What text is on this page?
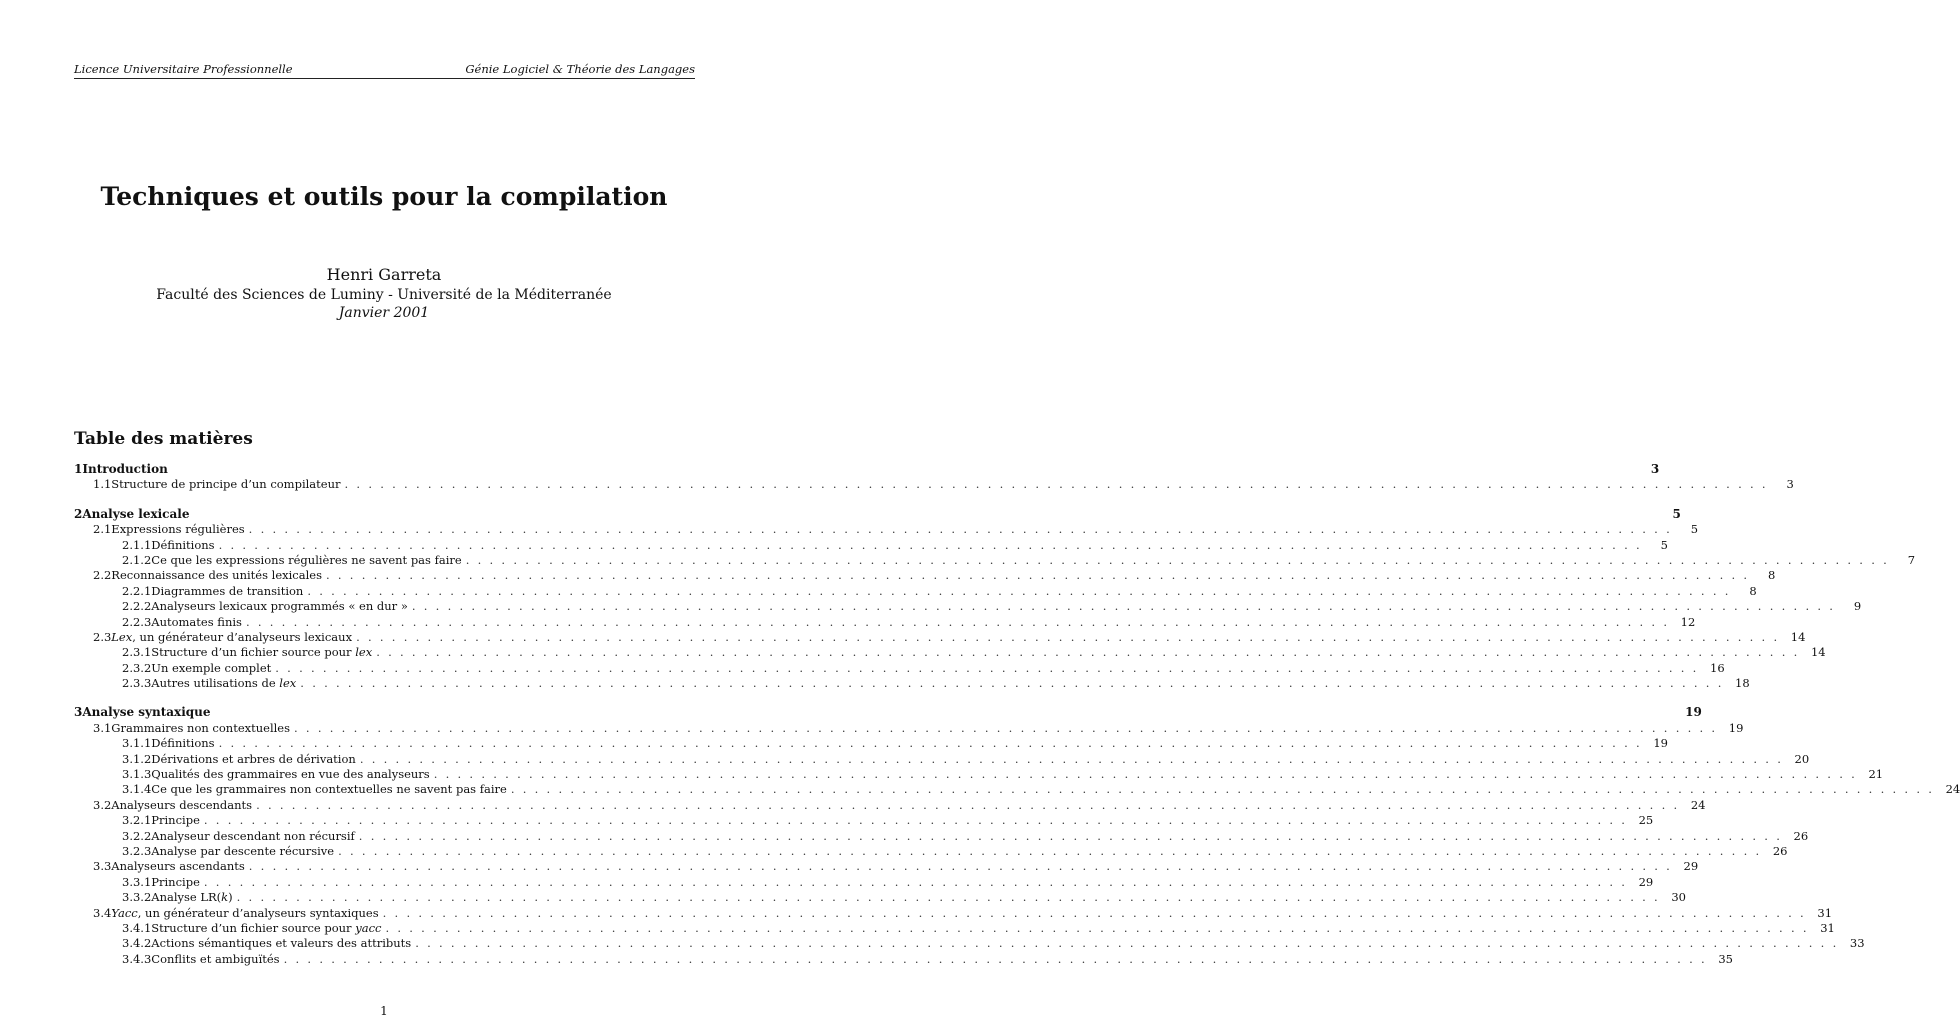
Licence Universitaire Professionnelle	Génie Logiciel & Théorie des Langages
Techniques et outils pour la compilation
Henri Garreta
Faculté des Sciences de Luminy - Université de la Méditerranée
Janvier 2001
Table des matières
1 Introduction	3
1.1 Structure de principe d’un compilateur . . . . . . . . . . . . . . . . . . . . . . . . . . . . . . . . . . . . . . . . . . . . . . . . . . . . . . . . . . . . . . . . . . . . . . . . . . . . . . . . . . . . . . . . . . . . . . . . . . . . . . . . . . . . . . . . . . . . . . . .	3
2 Analyse lexicale	5
2.1 Expressions régulières . . . . . . . . . . . . . . . . . . . . . . . . . . . . . . . . . . . . . . . . . . . . . . . . . . . . . . . . . . . . . . . . . . . . . . . . . . . . . . . . . . . . . . . . . . . . . . . . . . . . . . . . . . . . . . . . . . . . . . . .	5
2.1.1 Définitions . . . . . . . . . . . . . . . . . . . . . . . . . . . . . . . . . . . . . . . . . . . . . . . . . . . . . . . . . . . . . . . . . . . . . . . . . . . . . . . . . . . . . . . . . . . . . . . . . . . . . . . . . . . . . . . . . . . . . . . .	5
2.1.2 Ce que les expressions régulières ne savent pas faire . . . . . . . . . . . . . . . . . . . . . . . . . . . . . . . . . . . . . . . . . . . . . . . . . . . . . . . . . . . . . . . . . . . . . . . . . . . . . . . . . . . . . . . . . . . . . . . . . . . . . . . . . . . . . . . . . . . . . . . .	7
2.2 Reconnaissance des unités lexicales . . . . . . . . . . . . . . . . . . . . . . . . . . . . . . . . . . . . . . . . . . . . . . . . . . . . . . . . . . . . . . . . . . . . . . . . . . . . . . . . . . . . . . . . . . . . . . . . . . . . . . . . . . . . . . . . . . . . . . . .	8
2.2.1 Diagrammes de transition . . . . . . . . . . . . . . . . . . . . . . . . . . . . . . . . . . . . . . . . . . . . . . . . . . . . . . . . . . . . . . . . . . . . . . . . . . . . . . . . . . . . . . . . . . . . . . . . . . . . . . . . . . . . . . . . . . . . . . . .	8
2.2.2 Analyseurs lexicaux programmés « en dur » . . . . . . . . . . . . . . . . . . . . . . . . . . . . . . . . . . . . . . . . . . . . . . . . . . . . . . . . . . . . . . . . . . . . . . . . . . . . . . . . . . . . . . . . . . . . . . . . . . . . . . . . . . . . . . . . . . . . . . . .	9
2.2.3 Automates finis . . . . . . . . . . . . . . . . . . . . . . . . . . . . . . . . . . . . . . . . . . . . . . . . . . . . . . . . . . . . . . . . . . . . . . . . . . . . . . . . . . . . . . . . . . . . . . . . . . . . . . . . . . . . . . . . . . . . . . . . 12
2.3 Lex, un générateur d’analyseurs lexicaux . . . . . . . . . . . . . . . . . . . . . . . . . . . . . . . . . . . . . . . . . . . . . . . . . . . . . . . . . . . . . . . . . . . . . . . . . . . . . . . . . . . . . . . . . . . . . . . . . . . . . . . . . . . . . . . . . . . . . . . . 14
2.3.1 Structure d’un fichier source pour lex . . . . . . . . . . . . . . . . . . . . . . . . . . . . . . . . . . . . . . . . . . . . . . . . . . . . . . . . . . . . . . . . . . . . . . . . . . . . . . . . . . . . . . . . . . . . . . . . . . . . . . . . . . . . . . . . . . . . . . . . 14
2.3.2 Un exemple complet . . . . . . . . . . . . . . . . . . . . . . . . . . . . . . . . . . . . . . . . . . . . . . . . . . . . . . . . . . . . . . . . . . . . . . . . . . . . . . . . . . . . . . . . . . . . . . . . . . . . . . . . . . . . . . . . . . . . . . . . 16
2.3.3 Autres utilisations de lex . . . . . . . . . . . . . . . . . . . . . . . . . . . . . . . . . . . . . . . . . . . . . . . . . . . . . . . . . . . . . . . . . . . . . . . . . . . . . . . . . . . . . . . . . . . . . . . . . . . . . . . . . . . . . . . . . . . . . . . . 18
3 Analyse syntaxique	19
3.1 Grammaires non contextuelles . . . . . . . . . . . . . . . . . . . . . . . . . . . . . . . . . . . . . . . . . . . . . . . . . . . . . . . . . . . . . . . . . . . . . . . . . . . . . . . . . . . . . . . . . . . . . . . . . . . . . . . . . . . . . . . . . . . . . . . . 19
3.1.1 Définitions . . . . . . . . . . . . . . . . . . . . . . . . . . . . . . . . . . . . . . . . . . . . . . . . . . . . . . . . . . . . . . . . . . . . . . . . . . . . . . . . . . . . . . . . . . . . . . . . . . . . . . . . . . . . . . . . . . . . . . . . 19
3.1.2 Dérivations et arbres de dérivation . . . . . . . . . . . . . . . . . . . . . . . . . . . . . . . . . . . . . . . . . . . . . . . . . . . . . . . . . . . . . . . . . . . . . . . . . . . . . . . . . . . . . . . . . . . . . . . . . . . . . . . . . . . . . . . . . . . . . . . . 20
3.1.3 Qualités des grammaires en vue des analyseurs . . . . . . . . . . . . . . . . . . . . . . . . . . . . . . . . . . . . . . . . . . . . . . . . . . . . . . . . . . . . . . . . . . . . . . . . . . . . . . . . . . . . . . . . . . . . . . . . . . . . . . . . . . . . . . . . . . . . . . . . 21
3.1.4 Ce que les grammaires non contextuelles ne savent pas faire . . . . . . . . . . . . . . . . . . . . . . . . . . . . . . . . . . . . . . . . . . . . . . . . . . . . . . . . . . . . . . . . . . . . . . . . . . . . . . . . . . . . . . . . . . . . . . . . . . . . . . . . . . . . . . . . . . . . . . . . 24
3.2 Analyseurs descendants . . . . . . . . . . . . . . . . . . . . . . . . . . . . . . . . . . . . . . . . . . . . . . . . . . . . . . . . . . . . . . . . . . . . . . . . . . . . . . . . . . . . . . . . . . . . . . . . . . . . . . . . . . . . . . . . . . . . . . . . 24
3.2.1 Principe . . . . . . . . . . . . . . . . . . . . . . . . . . . . . . . . . . . . . . . . . . . . . . . . . . . . . . . . . . . . . . . . . . . . . . . . . . . . . . . . . . . . . . . . . . . . . . . . . . . . . . . . . . . . . . . . . . . . . . . . 25
3.2.2 Analyseur descendant non récursif . . . . . . . . . . . . . . . . . . . . . . . . . . . . . . . . . . . . . . . . . . . . . . . . . . . . . . . . . . . . . . . . . . . . . . . . . . . . . . . . . . . . . . . . . . . . . . . . . . . . . . . . . . . . . . . . . . . . . . . . 26
3.2.3 Analyse par descente récursive . . . . . . . . . . . . . . . . . . . . . . . . . . . . . . . . . . . . . . . . . . . . . . . . . . . . . . . . . . . . . . . . . . . . . . . . . . . . . . . . . . . . . . . . . . . . . . . . . . . . . . . . . . . . . . . . . . . . . . . . 26
3.3 Analyseurs ascendants . . . . . . . . . . . . . . . . . . . . . . . . . . . . . . . . . . . . . . . . . . . . . . . . . . . . . . . . . . . . . . . . . . . . . . . . . . . . . . . . . . . . . . . . . . . . . . . . . . . . . . . . . . . . . . . . . . . . . . . . 29
3.3.1 Principe . . . . . . . . . . . . . . . . . . . . . . . . . . . . . . . . . . . . . . . . . . . . . . . . . . . . . . . . . . . . . . . . . . . . . . . . . . . . . . . . . . . . . . . . . . . . . . . . . . . . . . . . . . . . . . . . . . . . . . . . 29
3.3.2 Analyse LR(k) . . . . . . . . . . . . . . . . . . . . . . . . . . . . . . . . . . . . . . . . . . . . . . . . . . . . . . . . . . . . . . . . . . . . . . . . . . . . . . . . . . . . . . . . . . . . . . . . . . . . . . . . . . . . . . . . . . . . . . . . 30
3.4 Yacc, un générateur d’analyseurs syntaxiques . . . . . . . . . . . . . . . . . . . . . . . . . . . . . . . . . . . . . . . . . . . . . . . . . . . . . . . . . . . . . . . . . . . . . . . . . . . . . . . . . . . . . . . . . . . . . . . . . . . . . . . . . . . . . . . . . . . . . . . . 31
3.4.1 Structure d’un fichier source pour yacc . . . . . . . . . . . . . . . . . . . . . . . . . . . . . . . . . . . . . . . . . . . . . . . . . . . . . . . . . . . . . . . . . . . . . . . . . . . . . . . . . . . . . . . . . . . . . . . . . . . . . . . . . . . . . . . . . . . . . . . . 31
3.4.2 Actions sémantiques et valeurs des attributs . . . . . . . . . . . . . . . . . . . . . . . . . . . . . . . . . . . . . . . . . . . . . . . . . . . . . . . . . . . . . . . . . . . . . . . . . . . . . . . . . . . . . . . . . . . . . . . . . . . . . . . . . . . . . . . . . . . . . . . . 33
3.4.3 Conflits et ambiguïtés . . . . . . . . . . . . . . . . . . . . . . . . . . . . . . . . . . . . . . . . . . . . . . . . . . . . . . . . . . . . . . . . . . . . . . . . . . . . . . . . . . . . . . . . . . . . . . . . . . . . . . . . . . . . . . . . . . . . . . . . 35
1
